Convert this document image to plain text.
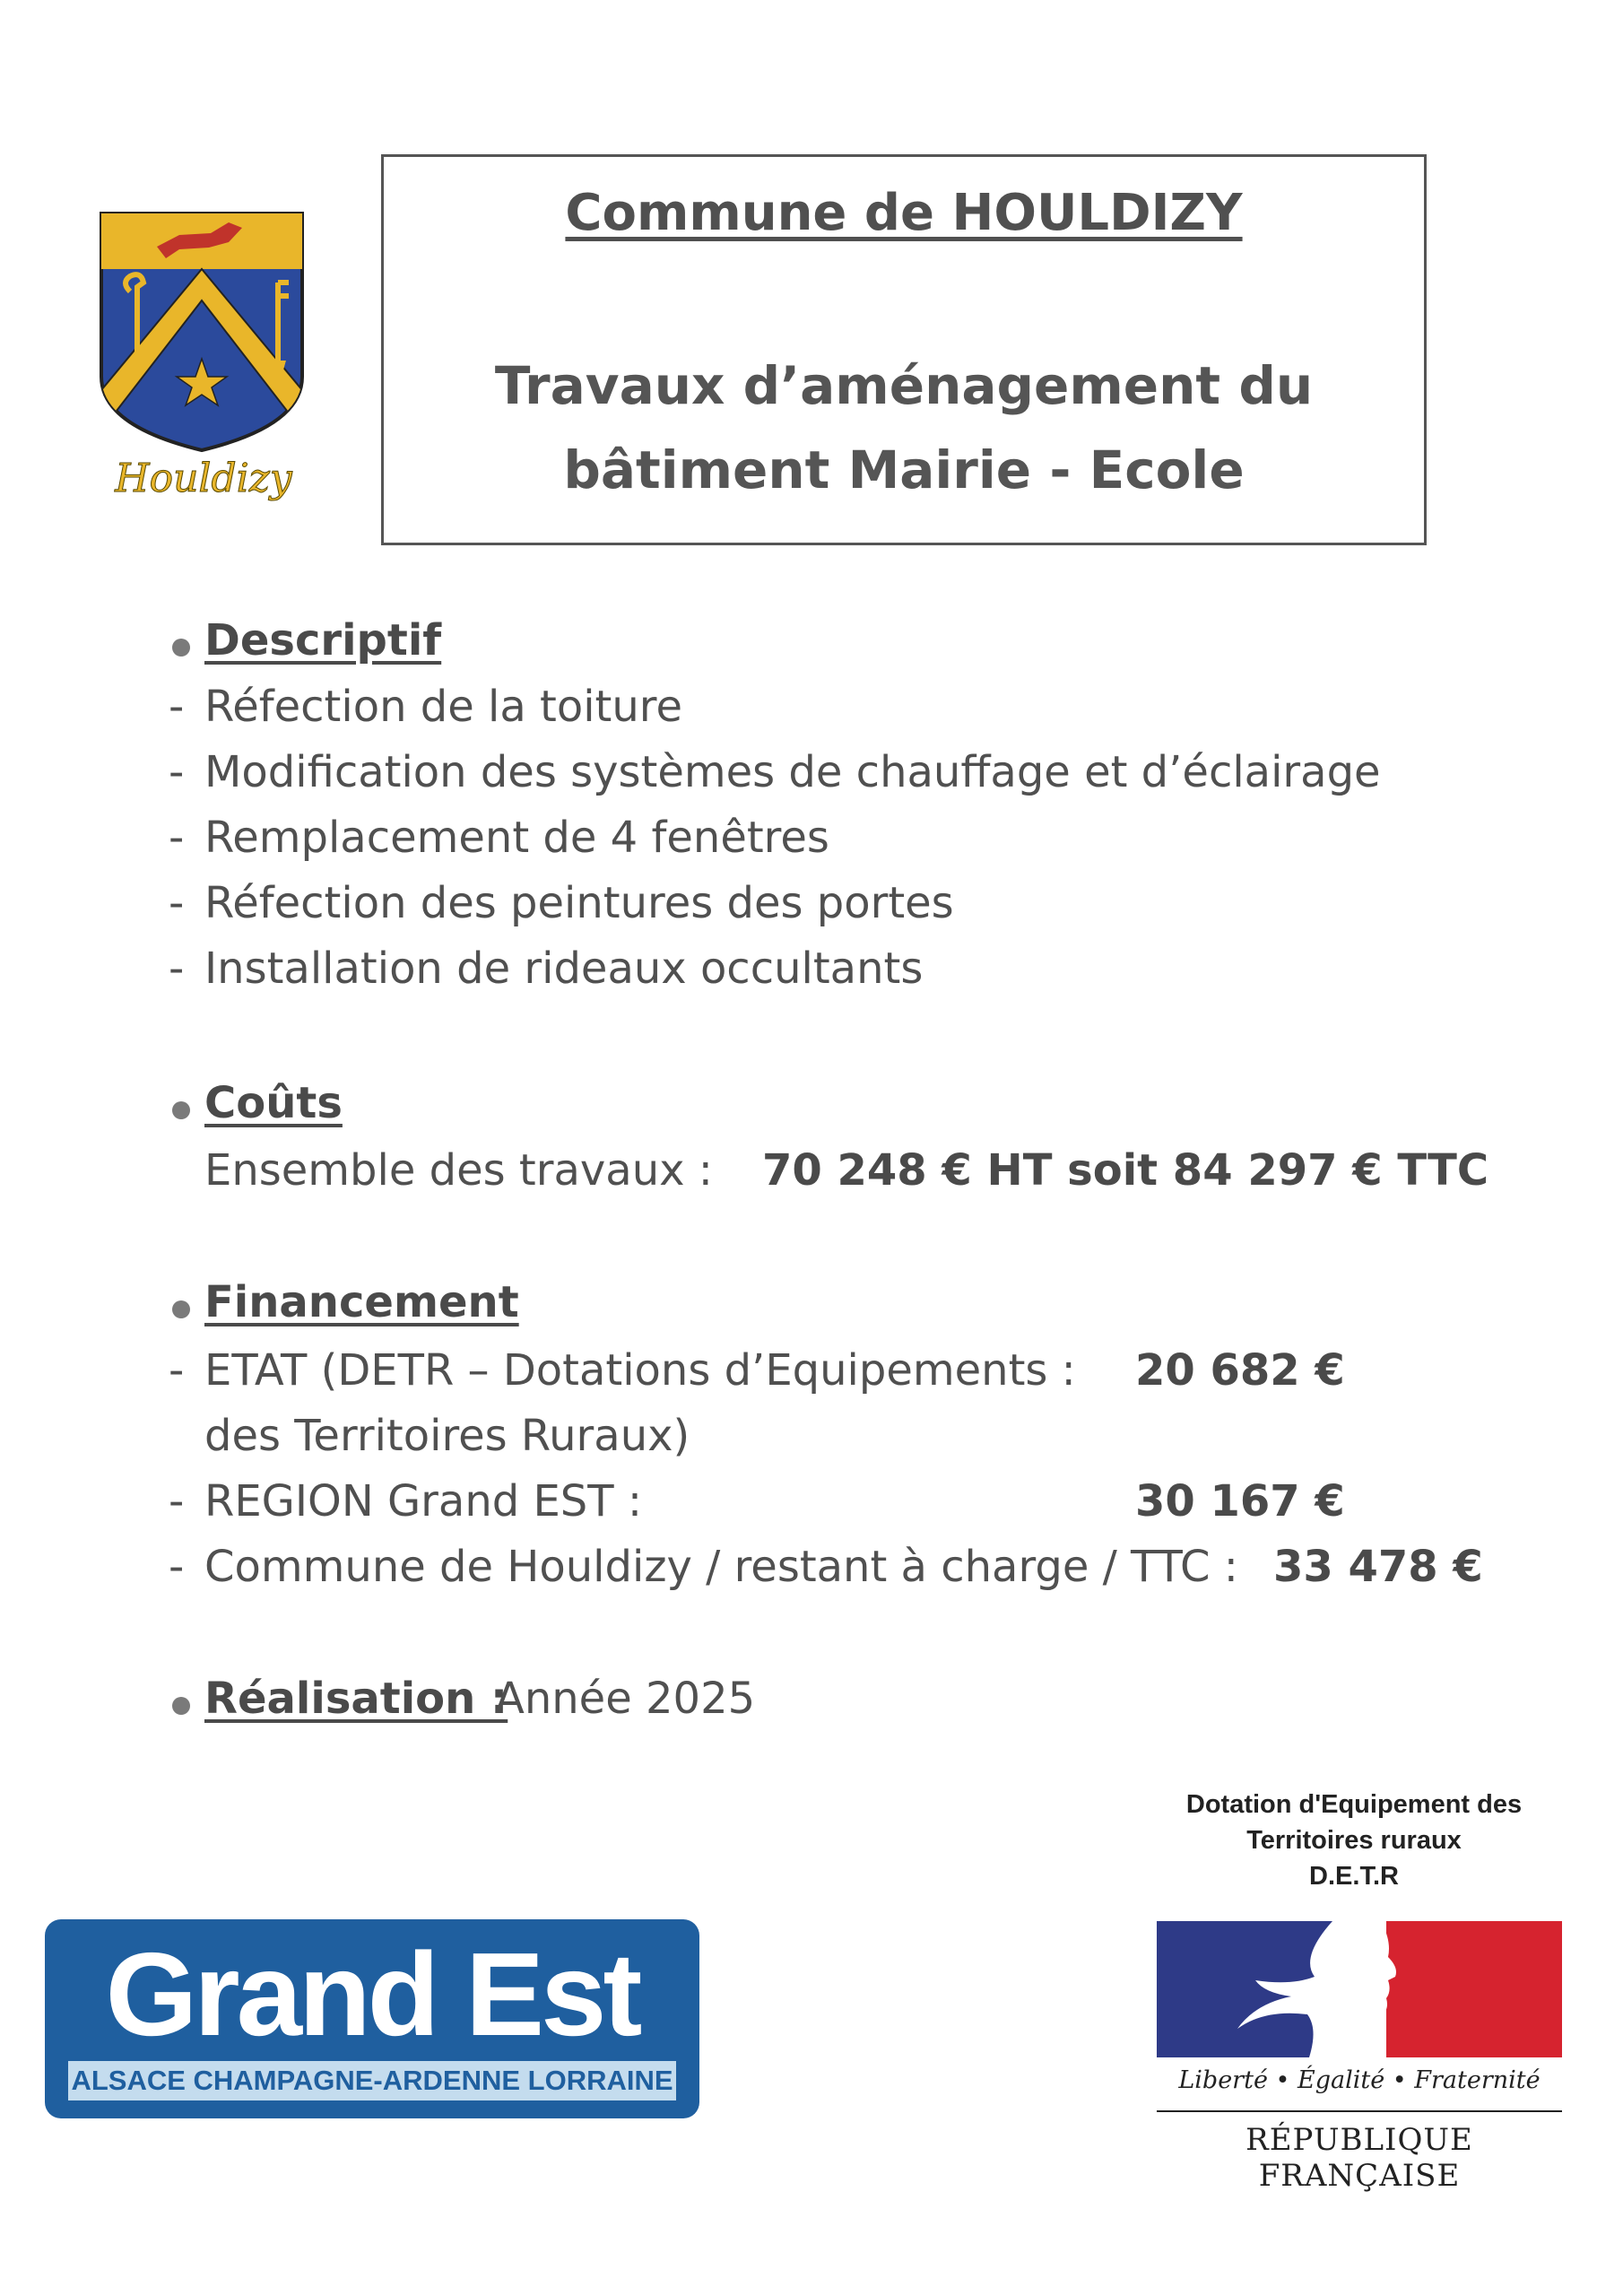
Houldizy
Commune de HOULDIZY
Travaux d’aménagement du
bâtiment Mairie - Ecole
Descriptif
- Réfection de la toiture
- Modification des systèmes de chauffage et d’éclairage
- Remplacement de 4 fenêtres
- Réfection des peintures des portes
- Installation de rideaux occultants
Coûts
Ensemble des travaux : 70 248 € HT soit 84 297 € TTC
Financement
- ETAT (DETR – Dotations d’Equipements : 20 682 €
des Territoires Ruraux)
- REGION Grand EST :	30 167 €
- Commune de Houldizy / restant à charge / TTC : 33 478 €
Réalisation :
Année 2025
Dotation d'Equipement des
Territoires ruraux
D.E.T.R
Liberté • Égalité • Fraternité
RÉPUBLIQUE FRANÇAISE
Grand Est
ALSACE CHAMPAGNE-ARDENNE LORRAINE
